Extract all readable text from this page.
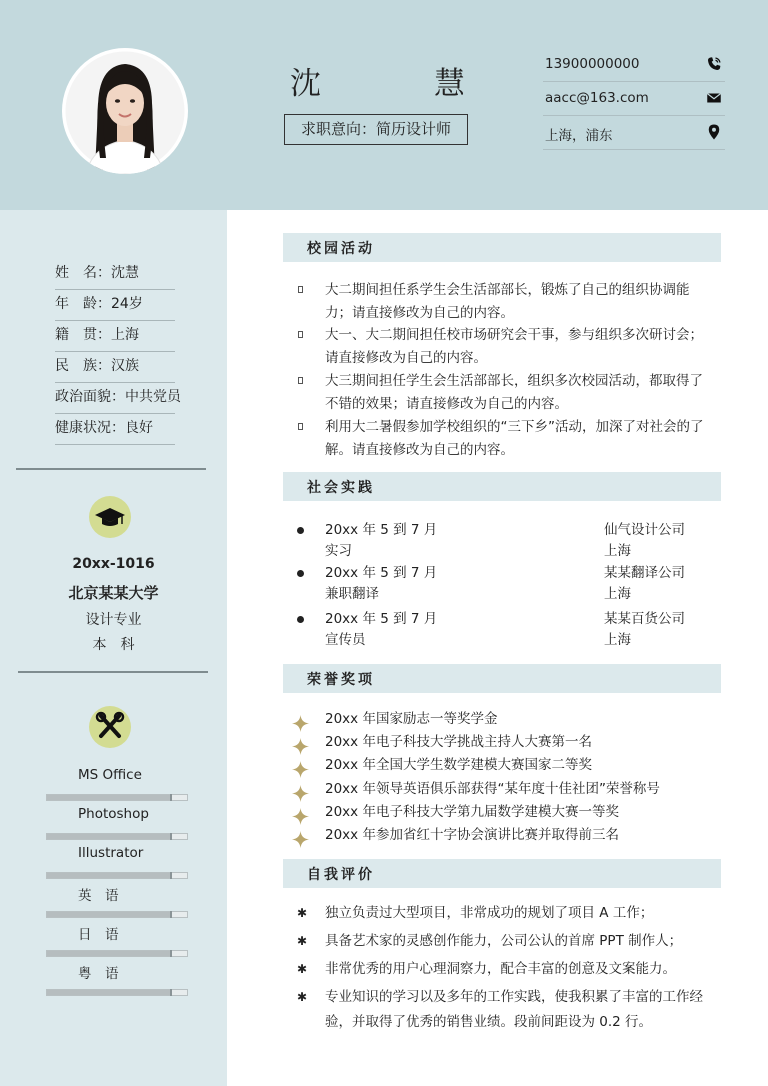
沈	慧
求职意向：简历设计师
13900000000
aacc@163.com
上海，浦东
姓　名：沈慧
年　龄：24岁
籍　贯：上海
民　族：汉族
政治面貌：中共党员
健康状况：良好
20xx-1016
北京某某大学
设计专业
本　科
MS Office
Photoshop
Illustrator
英　语
日　语
粤　语
校园活动
大二期间担任系学生会生活部部长，锻炼了自己的组织协调能力；请直接修改为自己的内容。
大一、大二期间担任校市场研究会干事，参与组织多次研讨会；请直接修改为自己的内容。
大三期间担任学生会生活部部长，组织多次校园活动，都取得了不错的效果；请直接修改为自己的内容。
利用大二暑假参加学校组织的“三下乡”活动，加深了对社会的了解。请直接修改为自己的内容。
社会实践
20xx 年 5 到 7 月
实习
仙气设计公司
上海
20xx 年 5 到 7 月
兼职翻译
某某翻译公司
上海
20xx 年 5 到 7 月
宣传员
某某百货公司
上海
荣誉奖项
20xx 年国家励志一等奖学金
20xx 年电子科技大学挑战主持人大赛第一名
20xx 年全国大学生数学建模大赛国家二等奖
20xx 年领导英语俱乐部获得“某年度十佳社团”荣誉称号
20xx 年电子科技大学第九届数学建模大赛一等奖
20xx 年参加省红十字协会演讲比赛并取得前三名
自我评价
✱ 独立负责过大型项目，非常成功的规划了项目 A 工作；
✱ 具备艺术家的灵感创作能力，公司公认的首席 PPT 制作人；
✱ 非常优秀的用户心理洞察力，配合丰富的创意及文案能力。
✱ 专业知识的学习以及多年的工作实践，使我积累了丰富的工作经验，并取得了优秀的销售业绩。段前间距设为 0.2 行。
